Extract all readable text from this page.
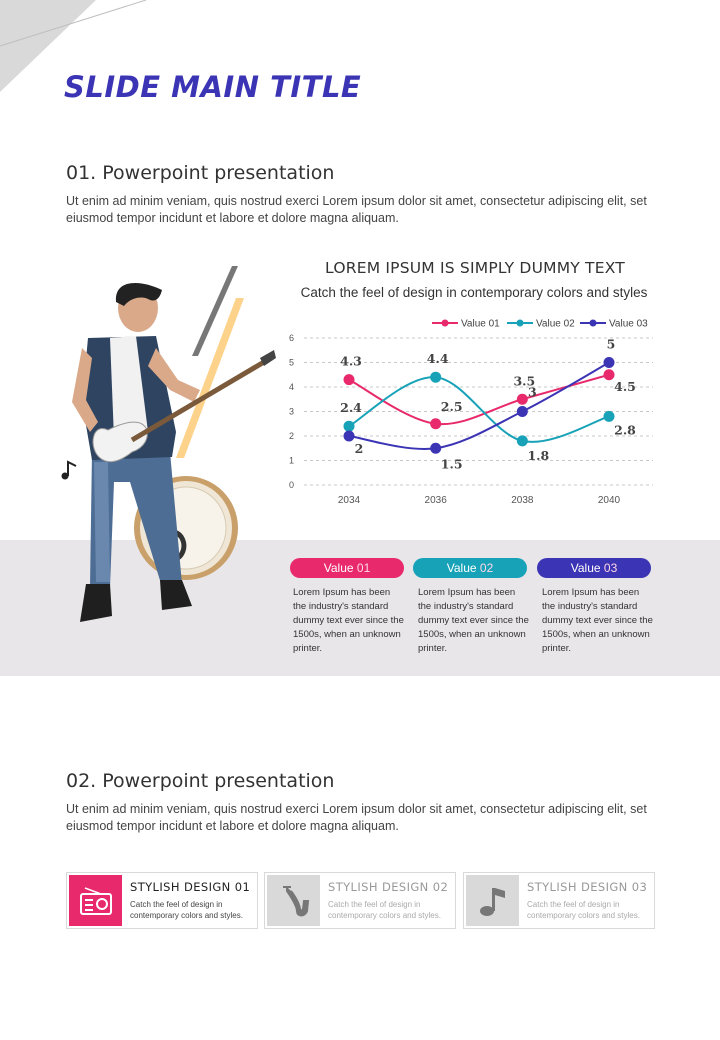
SLIDE MAIN TITLE
01. Powerpoint presentation
Ut enim ad minim veniam, quis nostrud exerci Lorem ipsum dolor sit amet, consectetur adipiscing elit, set eiusmod tempor incidunt et labore et dolore magna aliquam.
LOREM IPSUM IS SIMPLY DUMMY TEXT
Catch the feel of design in contemporary colors and styles
Value 01	Value 02	Value 03
0
1
2
3
4
5
6
2034	2036	2038	2040
4.3
2.5
3.5	4.5
2.4
4.4
1.8
2.8
2
1.5
3
5
Value 01	Value 02	Value 03
Lorem Ipsum has been the industry's standard dummy text ever since the 1500s, when an unknown printer.
Lorem Ipsum has been the industry's standard dummy text ever since the 1500s, when an unknown printer.
Lorem Ipsum has been the industry's standard dummy text ever since the 1500s, when an unknown printer.
02. Powerpoint presentation
Ut enim ad minim veniam, quis nostrud exerci Lorem ipsum dolor sit amet, consectetur adipiscing elit, set eiusmod tempor incidunt et labore et dolore magna aliquam.
STYLISH DESIGN 01
Catch the feel of design in contemporary colors and styles.
STYLISH DESIGN 02
Catch the feel of design in contemporary colors and styles.
STYLISH DESIGN 03
Catch the feel of design in contemporary colors and styles.
